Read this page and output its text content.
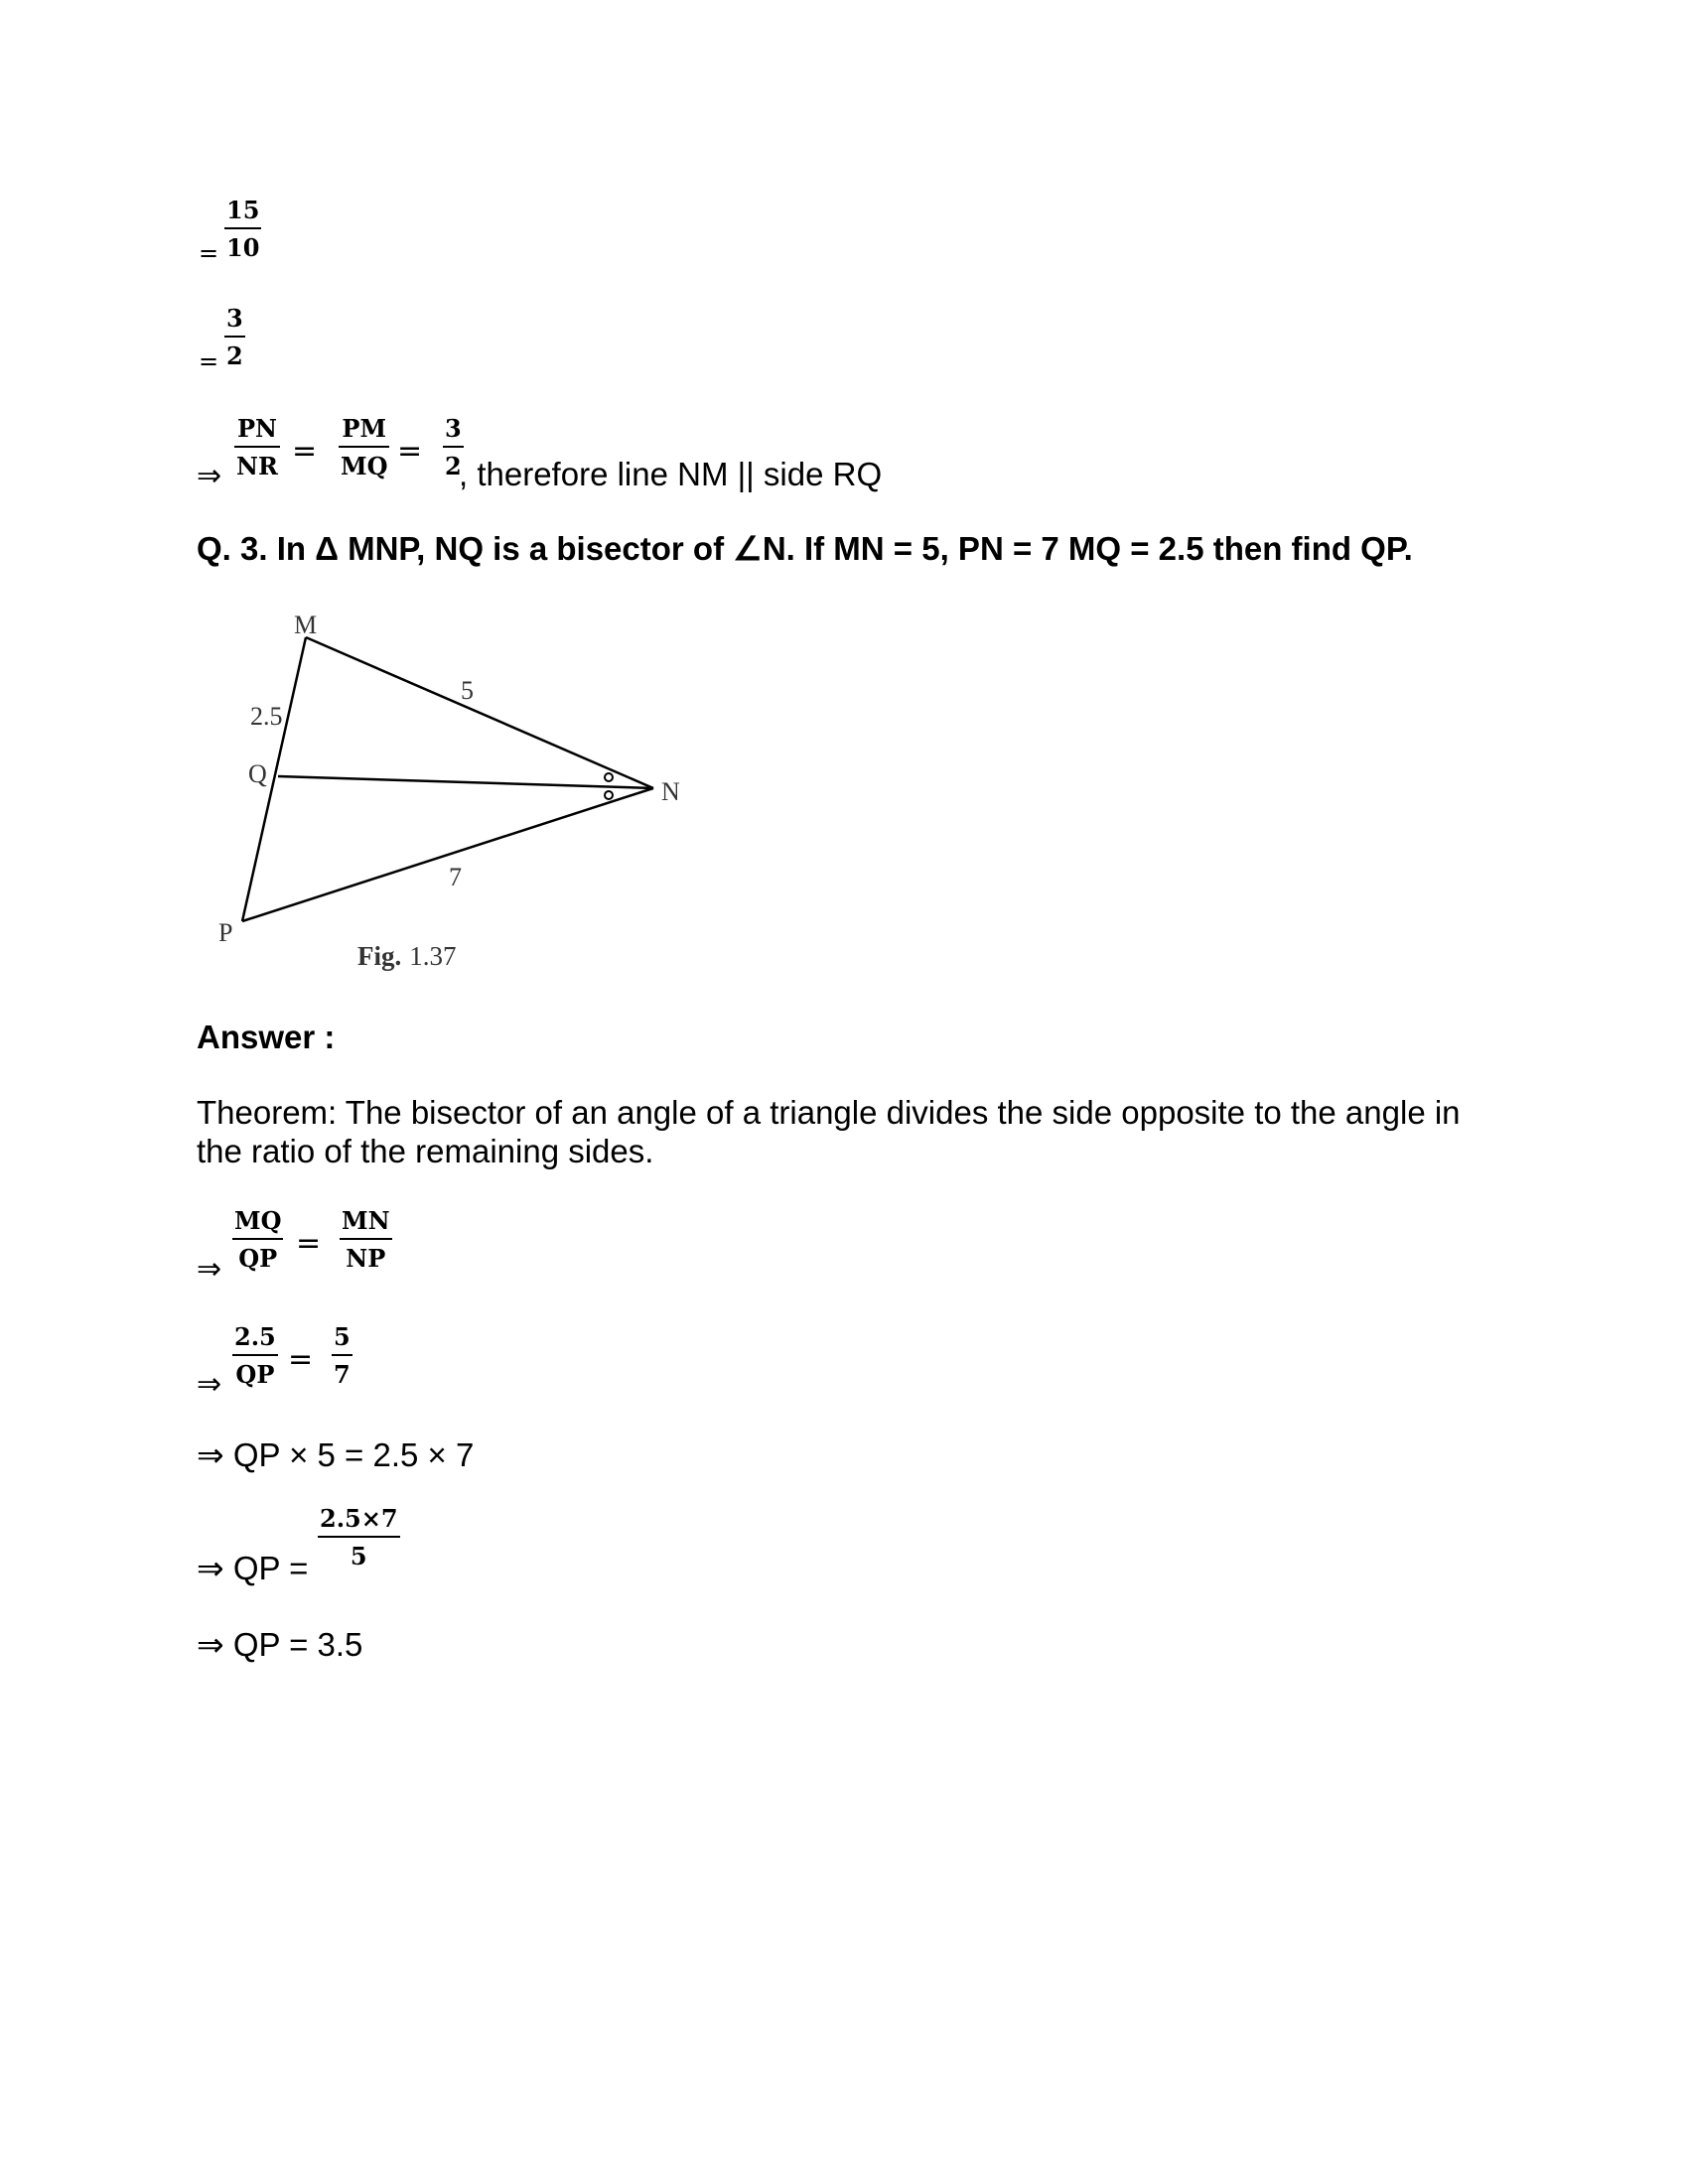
=
15
10
=
3
2
⇒
PN
NR =
PM
MQ =
3
2
, therefore line NM || side RQ
Q. 3. In Δ MNP, NQ is a bisector of ∠N. If MN = 5, PN = 7 MQ = 2.5 then find QP.
M
N
P
Q
2.5
5
7
Fig. 1.37
Answer :
Theorem: The bisector of an angle of a triangle divides the side opposite to the angle in
the ratio of the remaining sides.
⇒
MQ
QP =
MN
NP
⇒
2.5
QP =
5
7
⇒ QP × 5 = 2.5 × 7
⇒ QP =
2.5×7
5
⇒ QP = 3.5
